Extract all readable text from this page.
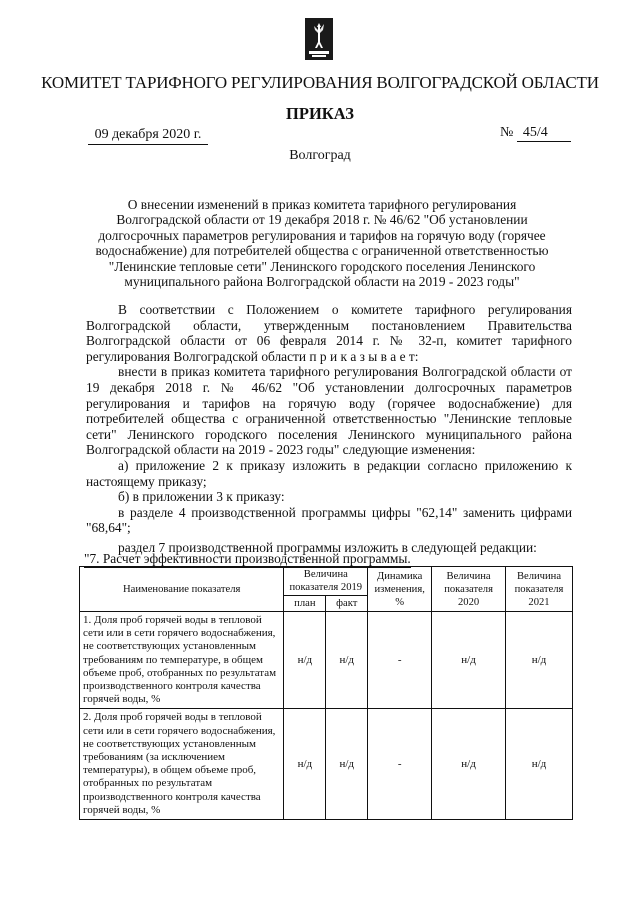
КОМИТЕТ ТАРИФНОГО РЕГУЛИРОВАНИЯ ВОЛГОГРАДСКОЙ ОБЛАСТИ
ПРИКАЗ
09 декабря 2020 г.	№ 45/4
Волгоград
О внесении изменений в приказ комитета тарифного регулирования Волгоградской области от 19 декабря 2018 г. № 46/62 "Об установлении долгосрочных параметров регулирования и тарифов на горячую воду (горячее водоснабжение) для потребителей общества с ограниченной ответственностью "Ленинские тепловые сети" Ленинского городского поселения Ленинского муниципального района Волгоградской области на 2019 - 2023 годы"

В соответствии с Положением о комитете тарифного регулирования Волгоградской области, утвержденным постановлением Правительства Волгоградской области от 06 февраля 2014 г. № 32-п, комитет тарифного регулирования Волгоградской области п р и к а з ы в а е т:

внести в приказ комитета тарифного регулирования Волгоградской области от 19 декабря 2018 г. № 46/62 "Об установлении долгосрочных параметров регулирования и тарифов на горячую воду (горячее водоснабжение) для потребителей общества с ограниченной ответственностью "Ленинские тепловые сети" Ленинского городского поселения Ленинского муниципального района Волгоградской области на 2019 - 2023 годы" следующие изменения:

а) приложение 2 к приказу изложить в редакции согласно приложению к настоящему приказу;

б) в приложении 3 к приказу:

в разделе 4 производственной программы цифры "62,14" заменить цифрами "68,64";

раздел 7 производственной программы изложить в следующей редакции:

"7. Расчет эффективности производственной программы.
Наименование показателя	Величина показателя 2019		Динамика изменения, %	Величина показателя 2020	Величина показателя 2021
	план	факт			
1. Доля проб горячей воды в тепловой сети или в сети горячего водоснабжения, не соответствующих установленным требованиям по температуре, в общем объеме проб, отобранных по результатам производственного контроля качества горячей воды, %	н/д	н/д	-	н/д	н/д
2. Доля проб горячей воды в тепловой сети или в сети горячего водоснабжения, не соответствующих установленным требованиям (за исключением температуры), в общем объеме проб, отобранных по результатам производственного контроля качества горячей воды, %	н/д	н/д	-	н/д	н/д
